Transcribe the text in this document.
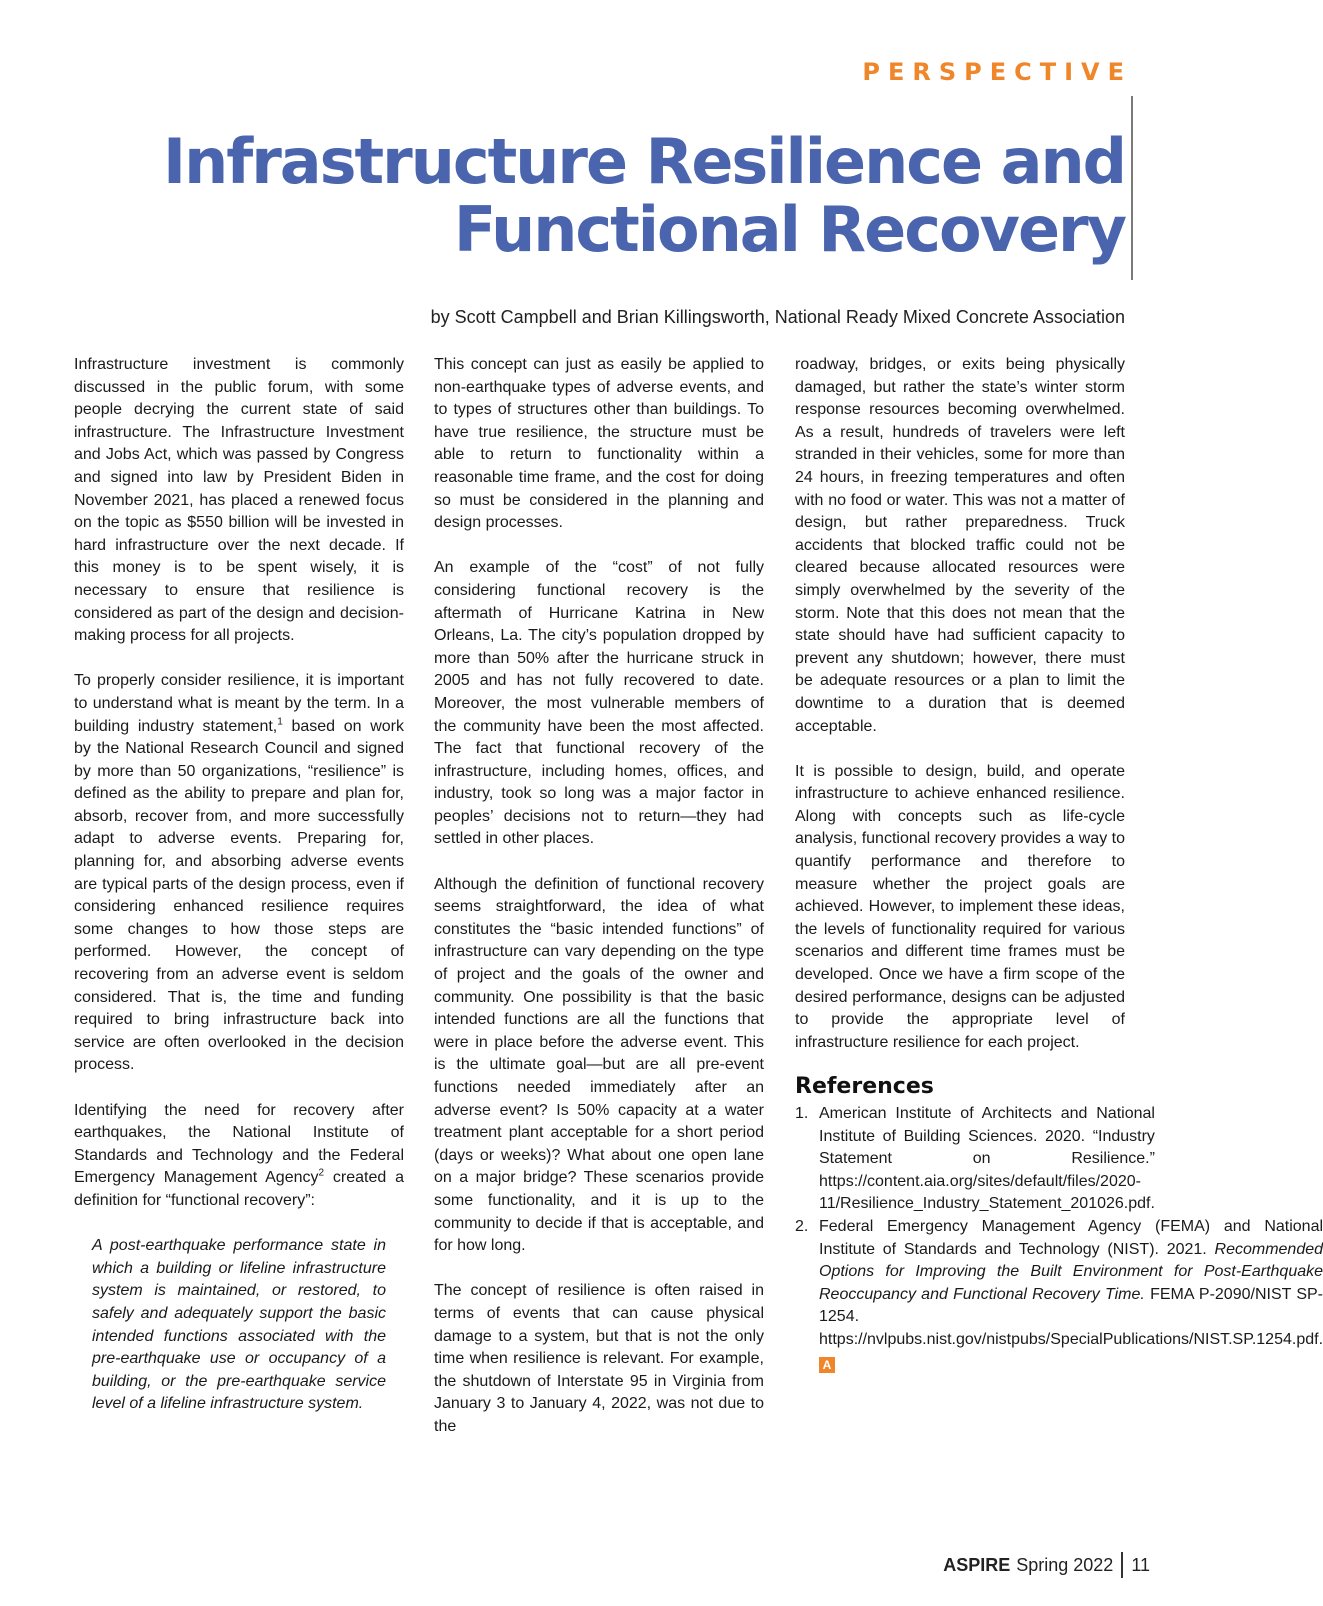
PERSPECTIVE
Infrastructure Resilience and
Functional Recovery
by Scott Campbell and Brian Killingsworth, National Ready Mixed Concrete Association

Infrastructure investment is commonly discussed in the public forum, with some people decrying the current state of said infrastructure. The Infrastructure Investment and Jobs Act, which was passed by Congress and signed into law by President Biden in November 2021, has placed a renewed focus on the topic as $550 billion will be invested in hard infrastructure over the next decade. If this money is to be spent wisely, it is necessary to ensure that resilience is considered as part of the design and decision-making process for all projects.

To properly consider resilience, it is important to understand what is meant by the term. In a building industry statement,$^1$ based on work by the National Research Council and signed by more than 50 organizations, “resilience” is defined as the ability to prepare and plan for, absorb, recover from, and more successfully adapt to adverse events. Preparing for, planning for, and absorbing adverse events are typical parts of the design process, even if considering enhanced resilience requires some changes to how those steps are performed. However, the concept of recovering from an adverse event is seldom considered. That is, the time and funding required to bring infrastructure back into service are often overlooked in the decision process.

Identifying the need for recovery after earthquakes, the National Institute of Standards and Technology and the Federal Emergency Management Agency$^2$ created a definition for “functional recovery”:

A post-earthquake performance state in which a building or lifeline infrastructure system is maintained, or restored, to safely and adequately support the basic intended functions associated with the pre-earthquake use or occupancy of a building, or the pre-earthquake service level of a lifeline infrastructure system.

This concept can just as easily be applied to non-earthquake types of adverse events, and to types of structures other than buildings. To have true resilience, the structure must be able to return to functionality within a reasonable time frame, and the cost for doing so must be considered in the planning and design processes.

An example of the “cost” of not fully considering functional recovery is the aftermath of Hurricane Katrina in New Orleans, La. The city’s population dropped by more than 50% after the hurricane struck in 2005 and has not fully recovered to date. Moreover, the most vulnerable members of the community have been the most affected. The fact that functional recovery of the infrastructure, including homes, offices, and industry, took so long was a major factor in peoples’ decisions not to return—they had settled in other places.

Although the definition of functional recovery seems straightforward, the idea of what constitutes the “basic intended functions” of infrastructure can vary depending on the type of project and the goals of the owner and community. One possibility is that the basic intended functions are all the functions that were in place before the adverse event. This is the ultimate goal—but are all pre-event functions needed immediately after an adverse event? Is 50% capacity at a water treatment plant acceptable for a short period (days or weeks)? What about one open lane on a major bridge? These scenarios provide some functionality, and it is up to the community to decide if that is acceptable, and for how long.

The concept of resilience is often raised in terms of events that can cause physical damage to a system, but that is not the only time when resilience is relevant. For example, the shutdown of Interstate 95 in Virginia from January 3 to January 4, 2022, was not due to the

roadway, bridges, or exits being physically damaged, but rather the state’s winter storm response resources becoming overwhelmed. As a result, hundreds of travelers were left stranded in their vehicles, some for more than 24 hours, in freezing temperatures and often with no food or water. This was not a matter of design, but rather preparedness. Truck accidents that blocked traffic could not be cleared because allocated resources were simply overwhelmed by the severity of the storm. Note that this does not mean that the state should have had sufficient capacity to prevent any shutdown; however, there must be adequate resources or a plan to limit the downtime to a duration that is deemed acceptable.

It is possible to design, build, and operate infrastructure to achieve enhanced resilience. Along with concepts such as life-cycle analysis, functional recovery provides a way to quantify performance and therefore to measure whether the project goals are achieved. However, to implement these ideas, the levels of functionality required for various scenarios and different time frames must be developed. Once we have a firm scope of the desired performance, designs can be adjusted to provide the appropriate level of infrastructure resilience for each project.

References
1. American Institute of Architects and National Institute of Building Sciences. 2020. “Industry Statement on Resilience.” https://content.aia.org/sites/default/files/2020-11/Resilience_Industry_Statement_201026.pdf.
2. Federal Emergency Management Agency (FEMA) and National Institute of Standards and Technology (NIST). 2021. Recommended Options for Improving the Built Environment for Post-Earthquake Reoccupancy and Functional Recovery Time. FEMA P-2090/NIST SP-1254. https://nvlpubs.nist.gov/nistpubs/SpecialPublications/NIST.SP.1254.pdf. A
ASPIRE Spring 2022 11
